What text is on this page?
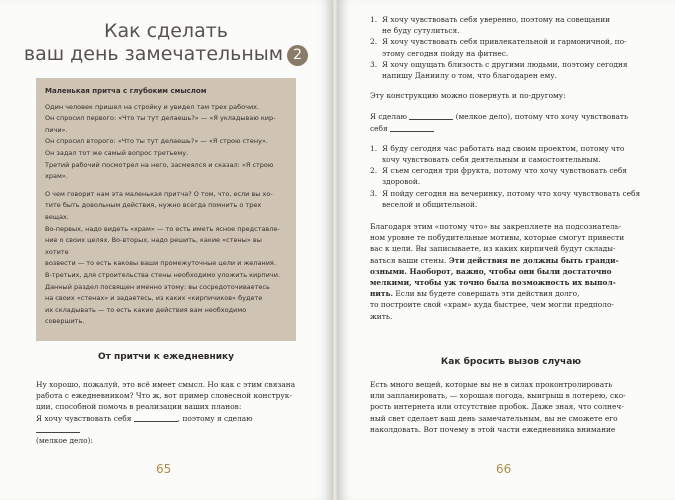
Как сделать
ваш день замечательным 2
Маленькая притча с глубоким смыслом

Один человек пришел на стройку и увидел там трех рабочих.

Он спросил первого: «Что ты тут делаешь?» — «Я укладываю кир-

пичи».

Он спросил второго: «Что ты тут делаешь?» — «Я строю стену».

Он задал тот же самый вопрос третьему.

Третий рабочий посмотрел на него, засмеялся и сказал: «Я строю

храм».

О чем говорит нам эта маленькая притча? О том, что, если вы хо-

тите быть довольным действия, нужно всегда помнить о трех вещах.

Во-первых, надо видеть «храм» — то есть иметь ясное представле-

ние о своих целях. Во-вторых, надо решить, какие «стены» вы хотите

возвести — то есть каковы ваши промежуточные цели и желания.

В-третьих, для строительства стены необходимо уложить кирпичи.

Данный раздел посвящен именно этому: вы сосредоточиваетесь

на своих «стенах» и задаетесь, из каких «кирпичиков» будете

их складывать — то есть какие действия вам необходимо совершить.

От притчи к ежедневнику

Ну хорошо, пожалуй, это всё имеет смысл. Но как с этим связана

работа с ежедневником? Что ж, вот пример словесной конструк-

ции, способной помочь в реализации ваших планов:

Я хочу чувствовать себя	, поэтому я сделаю

(мелкое дело):

65
1. Я хочу чувствовать себя уверенно, поэтому на совещании

не буду сутулиться.

2. Я хочу чувствовать себя привлекательной и гармоничной, по-

этому сегодня пойду на фитнес.

3. Я хочу ощущать близость с другими людьми, поэтому сегодня

напишу Даниилу о том, что благодарен ему.

Эту конструкцию можно повернуть и по-другому:

Я сделаю	(мелкое дело), потому что хочу чувствовать

себя

1. Я буду сегодня час работать над своим проектом, потому что

хочу чувствовать себя деятельным и самостоятельным.

2. Я съем сегодня три фрукта, потому что хочу чувствовать себя

здоровой.

3. Я пойду сегодня на вечеринку, потому что хочу чувствовать себя

веселой и общительной.

Благодаря этим «потому что» вы закрепляете на подсознатель-

ном уровне те побудительные мотивы, которые смогут привести

вас к цели. Вы записываете, из каких кирпичей будут склады-

ваться ваши стены. Эти действия не должны быть гранди-

озными. Наоборот, важно, чтобы они были достаточно

мелкими, чтобы уж точно была возможность их выпол-

нить. Если вы будете совершать эти действия долго,

то построите свой «храм» куда быстрее, чем могли предполо-

жить.

Как бросить вызов случаю

Есть много вещей, которые вы не в силах проконтролировать

или запланировать, — хорошая погода, выигрыш в лотерею, ско-

рость интернета или отсутствие пробок. Даже зная, что солнеч-

ный свет сделает ваш день замечательным, вы не сможете его

наколдовать. Вот почему в этой части ежедневника внимание

66
